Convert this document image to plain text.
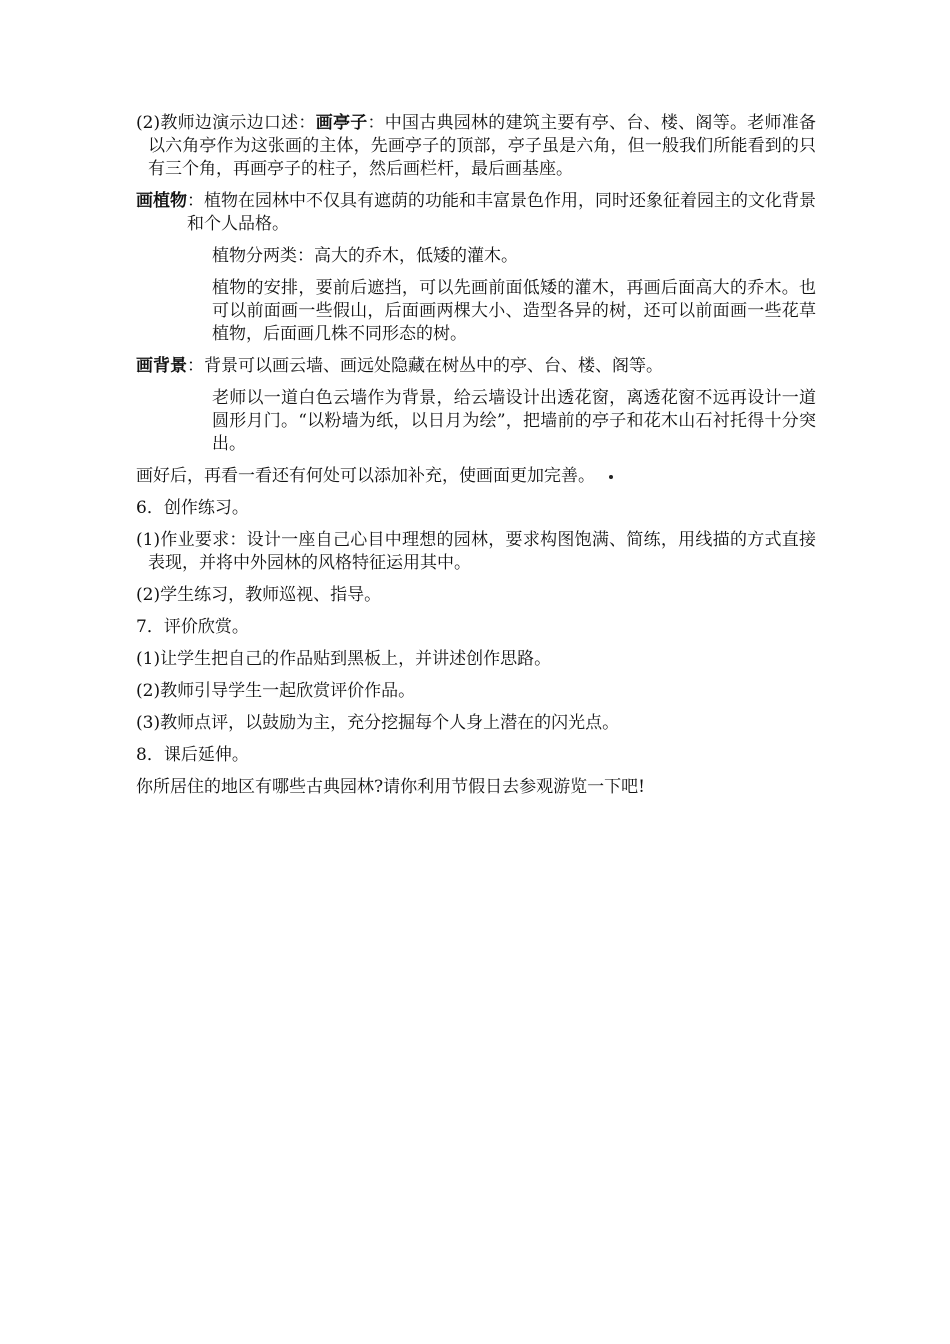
(2)教师边演示边口述：画亭子：中国古典园林的建筑主要有亭、台、楼、阁等。老师准备以六角亭作为这张画的主体，先画亭子的顶部，亭子虽是六角，但一般我们所能看到的只有三个角，再画亭子的柱子，然后画栏杆，最后画基座。

画植物：植物在园林中不仅具有遮荫的功能和丰富景色作用，同时还象征着园主的文化背景和个人品格。

植物分两类：高大的乔木，低矮的灌木。

植物的安排，要前后遮挡，可以先画前面低矮的灌木，再画后面高大的乔木。也可以前面画一些假山，后面画两棵大小、造型各异的树，还可以前面画一些花草植物，后面画几株不同形态的树。

画背景：背景可以画云墙、画远处隐藏在树丛中的亭、台、楼、阁等。

老师以一道白色云墙作为背景，给云墙设计出透花窗，离透花窗不远再设计一道圆形月门。“以粉墙为纸，以日月为绘”，把墙前的亭子和花木山石衬托得十分突出。

画好后，再看一看还有何处可以添加补充，使画面更加完善。

6．创作练习。

(1)作业要求：设计一座自己心目中理想的园林，要求构图饱满、简练，用线描的方式直接表现，并将中外园林的风格特征运用其中。

(2)学生练习，教师巡视、指导。

7．评价欣赏。

(1)让学生把自己的作品贴到黑板上，并讲述创作思路。

(2)教师引导学生一起欣赏评价作品。

(3)教师点评，以鼓励为主，充分挖掘每个人身上潜在的闪光点。

8．课后延伸。

你所居住的地区有哪些古典园林?请你利用节假日去参观游览一下吧!
